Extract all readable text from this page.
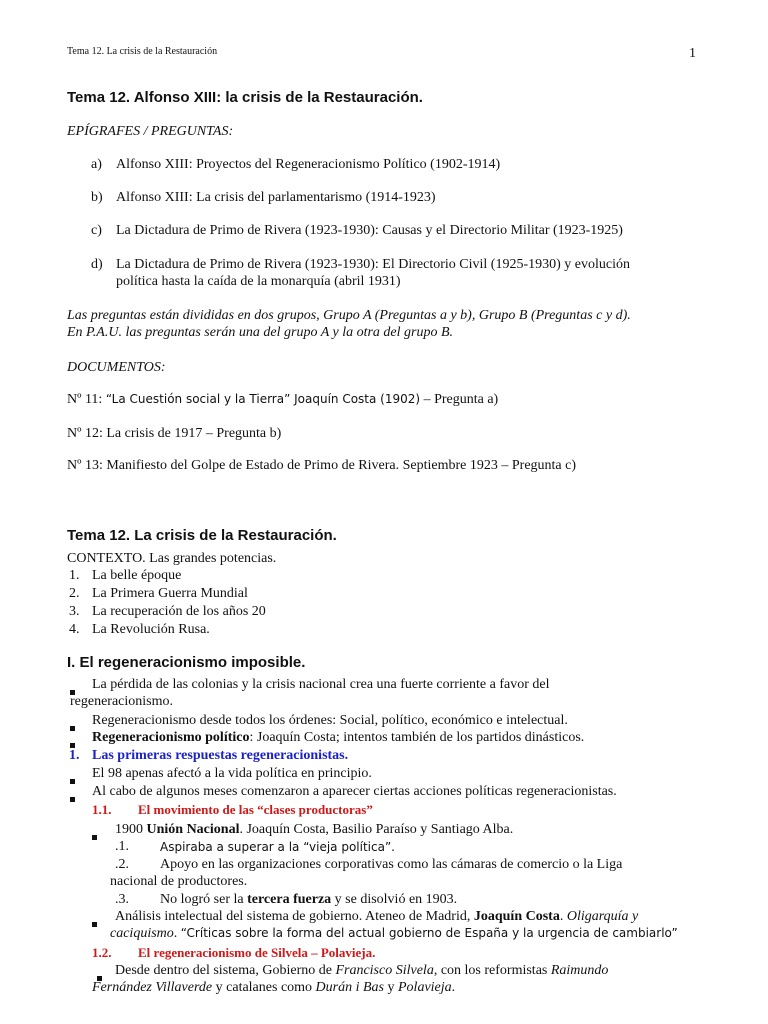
Tema 12. La crisis de la Restauración	1
Tema 12. Alfonso XIII: la crisis de la Restauración.
EPÍGRAFES / PREGUNTAS:
a) Alfonso XIII: Proyectos del Regeneracionismo Político (1902-1914)
b) Alfonso XIII: La crisis del parlamentarismo (1914-1923)
c) La Dictadura de Primo de Rivera (1923-1930): Causas y el Directorio Militar (1923-1925)
d) La Dictadura de Primo de Rivera (1923-1930): El Directorio Civil (1925-1930) y evolución
política hasta la caída de la monarquía (abril 1931)
Las preguntas están divididas en dos grupos, Grupo A (Preguntas a y b), Grupo B (Preguntas c y d).
En P.A.U. las preguntas serán una del grupo A y la otra del grupo B.
DOCUMENTOS:
Nº 11: “La Cuestión social y la Tierra” Joaquín Costa (1902) – Pregunta a)
Nº 12: La crisis de 1917 – Pregunta b)
Nº 13: Manifiesto del Golpe de Estado de Primo de Rivera. Septiembre 1923 – Pregunta c)
Tema 12. La crisis de la Restauración.
CONTEXTO. Las grandes potencias.
1. La belle époque
2. La Primera Guerra Mundial
3. La recuperación de los años 20
4. La Revolución Rusa.
I. El regeneracionismo imposible.
La pérdida de las colonias y la crisis nacional crea una fuerte corriente a favor del
regeneracionismo.
Regeneracionismo desde todos los órdenes: Social, político, económico e intelectual.
Regeneracionismo político: Joaquín Costa; intentos también de los partidos dinásticos.
1. Las primeras respuestas regeneracionistas.
El 98 apenas afectó a la vida política en principio.
Al cabo de algunos meses comenzaron a aparecer ciertas acciones políticas regeneracionistas.
1.1. El movimiento de las “clases productoras”
1900 Unión Nacional. Joaquín Costa, Basilio Paraíso y Santiago Alba.
.1.	Aspiraba a superar a la “vieja política”.
.2. Apoyo en las organizaciones corporativas como las cámaras de comercio o la Liga
nacional de productores.
.3. No logró ser la tercera fuerza y se disolvió en 1903.
Análisis intelectual del sistema de gobierno. Ateneo de Madrid, Joaquín Costa. Oligarquía y
caciquismo. “Críticas sobre la forma del actual gobierno de España y la urgencia de cambiarlo”
1.2. El regeneracionismo de Silvela – Polavieja.
Desde dentro del sistema, Gobierno de Francisco Silvela, con los reformistas Raimundo
Fernández Villaverde y catalanes como Durán i Bas y Polavieja.
